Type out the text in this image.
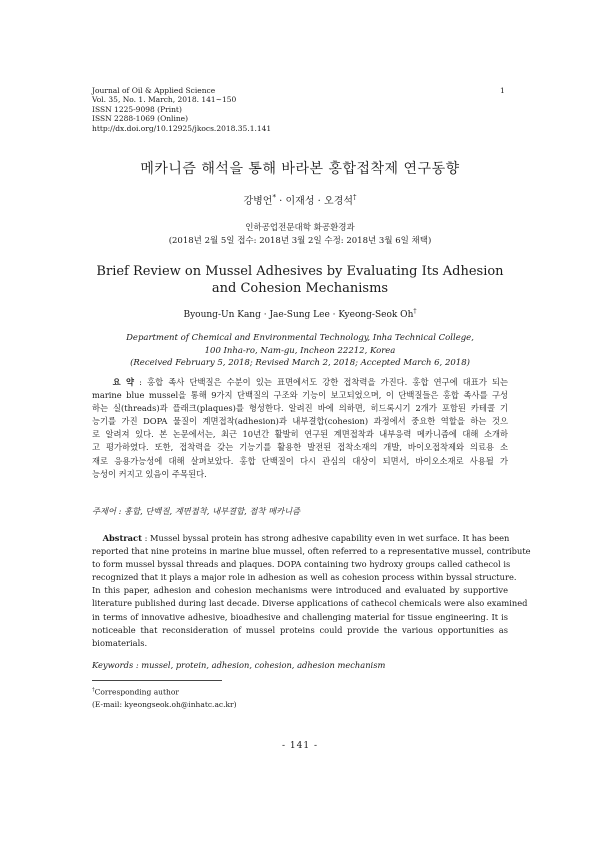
Journal of Oil & Applied Science
Vol. 35, No. 1. March, 2018. 141~150
ISSN 1225-9098 (Print)
ISSN 2288-1069 (Online)
http://dx.doi.org/10.12925/jkocs.2018.35.1.141
1
메카니즘 해석을 통해 바라본 홍합접착제 연구동향
강병언* · 이재성 · 오경석†
인하공업전문대학 화공환경과
(2018년 2월 5일 접수: 2018년 3월 2일 수정: 2018년 3월 6일 채택)
Brief Review on Mussel Adhesives by Evaluating Its Adhesion
and Cohesion Mechanisms
Byoung-Un Kang · Jae-Sung Lee · Kyeong-Seok Oh†
Department of Chemical and Environmental Technology, Inha Technical College,
100 Inha-ro, Nam-gu, Incheon 22212, Korea
(Received February 5, 2018; Revised March 2, 2018; Accepted March 6, 2018)
요 약 : 홍합 족사 단백질은 수분이 있는 표면에서도 강한 접착력을 가진다. 홍합 연구에 대표가 되는
marine blue mussel을 통해 9가지 단백질의 구조와 기능이 보고되었으며, 이 단백질들은 홍합 족사를 구성
하는 실(threads)과 플래크(plaques)를 형성한다. 알려진 바에 의하면, 히드록시기 2개가 포함된 카테콜 기
능기를 가진 DOPA 물질이 계면접착(adhesion)과 내부결합(cohesion) 과정에서 중요한 역할을 하는 것으
로 알려져 있다. 본 논문에서는, 최근 10년간 활발히 연구된 계면접착과 내부응력 메카니즘에 대해 소개하
고 평가하였다. 또한, 접착력을 갖는 기능기를 활용한 발전된 접착소재의 개발, 바이오접착제와 의료용 소
재로 응용가능성에 대해 살펴보았다. 홍합 단백질이 다시 관심의 대상이 되면서, 바이오소재로 사용될 가
능성이 커지고 있음이 주목된다.
주제어 : 홍합, 단백질, 계면접착, 내부결합, 접착 메카니즘
Abstract : Mussel byssal protein has strong adhesive capability even in wet surface. It has been
reported that nine proteins in marine blue mussel, often referred to a representative mussel, contribute
to form mussel byssal threads and plaques. DOPA containing two hydroxy groups called cathecol is
recognized that it plays a major role in adhesion as well as cohesion process within byssal structure.
In this paper, adhesion and cohesion mechanisms were introduced and evaluated by supportive
literature published during last decade. Diverse applications of cathecol chemicals were also examined
in terms of innovative adhesive, bioadhesive and challenging material for tissue engineering. It is
noticeable that reconsideration of mussel proteins could provide the various opportunities as
biomaterials.
Keywords : mussel, protein, adhesion, cohesion, adhesion mechanism
†Corresponding author
(E-mail: kyeongseok.oh@inhatc.ac.kr)
- 141 -
